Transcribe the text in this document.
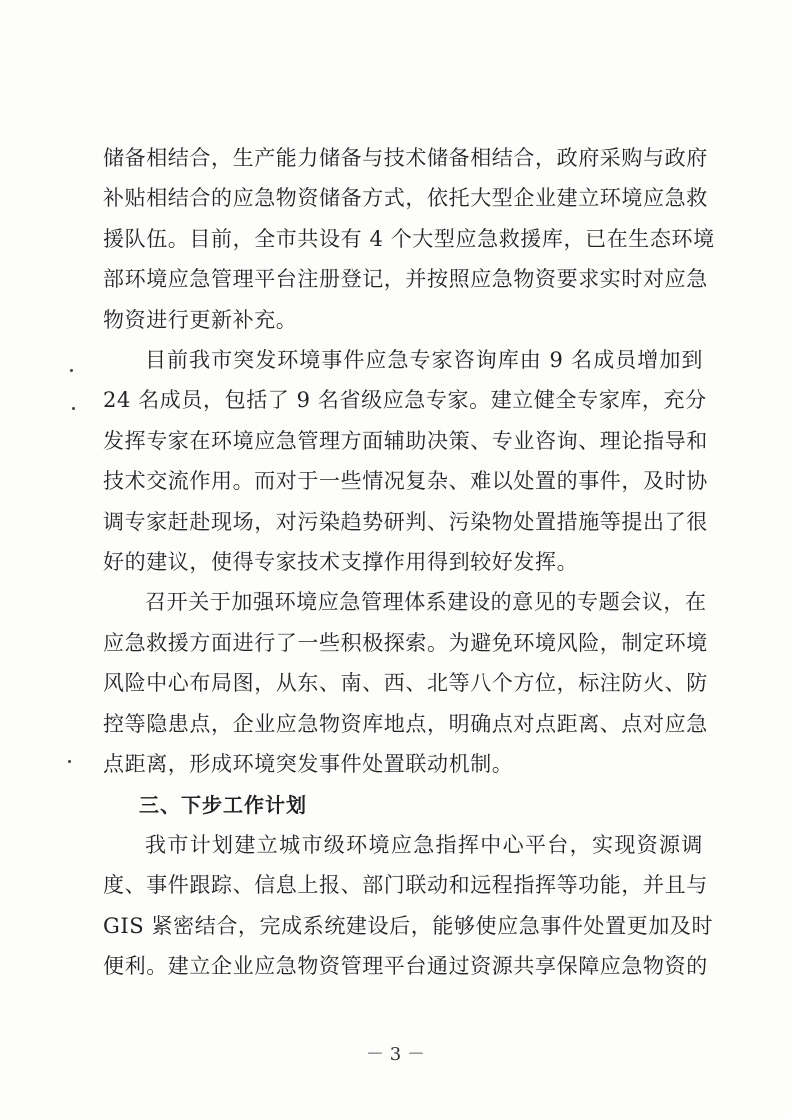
储备相结合，生产能力储备与技术储备相结合，政府采购与政府
补贴相结合的应急物资储备方式，依托大型企业建立环境应急救
援队伍。目前，全市共设有 4 个大型应急救援库，已在生态环境
部环境应急管理平台注册登记，并按照应急物资要求实时对应急
物资进行更新补充。
目前我市突发环境事件应急专家咨询库由 9 名成员增加到
24 名成员，包括了 9 名省级应急专家。建立健全专家库，充分
发挥专家在环境应急管理方面辅助决策、专业咨询、理论指导和
技术交流作用。而对于一些情况复杂、难以处置的事件，及时协
调专家赶赴现场，对污染趋势研判、污染物处置措施等提出了很
好的建议，使得专家技术支撑作用得到较好发挥。
召开关于加强环境应急管理体系建设的意见的专题会议，在
应急救援方面进行了一些积极探索。为避免环境风险，制定环境
风险中心布局图，从东、南、西、北等八个方位，标注防火、防
控等隐患点，企业应急物资库地点，明确点对点距离、点对应急
点距离，形成环境突发事件处置联动机制。
三、下步工作计划
我市计划建立城市级环境应急指挥中心平台，实现资源调
度、事件跟踪、信息上报、部门联动和远程指挥等功能，并且与
GIS 紧密结合，完成系统建设后，能够使应急事件处置更加及时
便利。建立企业应急物资管理平台通过资源共享保障应急物资的
－ 3 －
